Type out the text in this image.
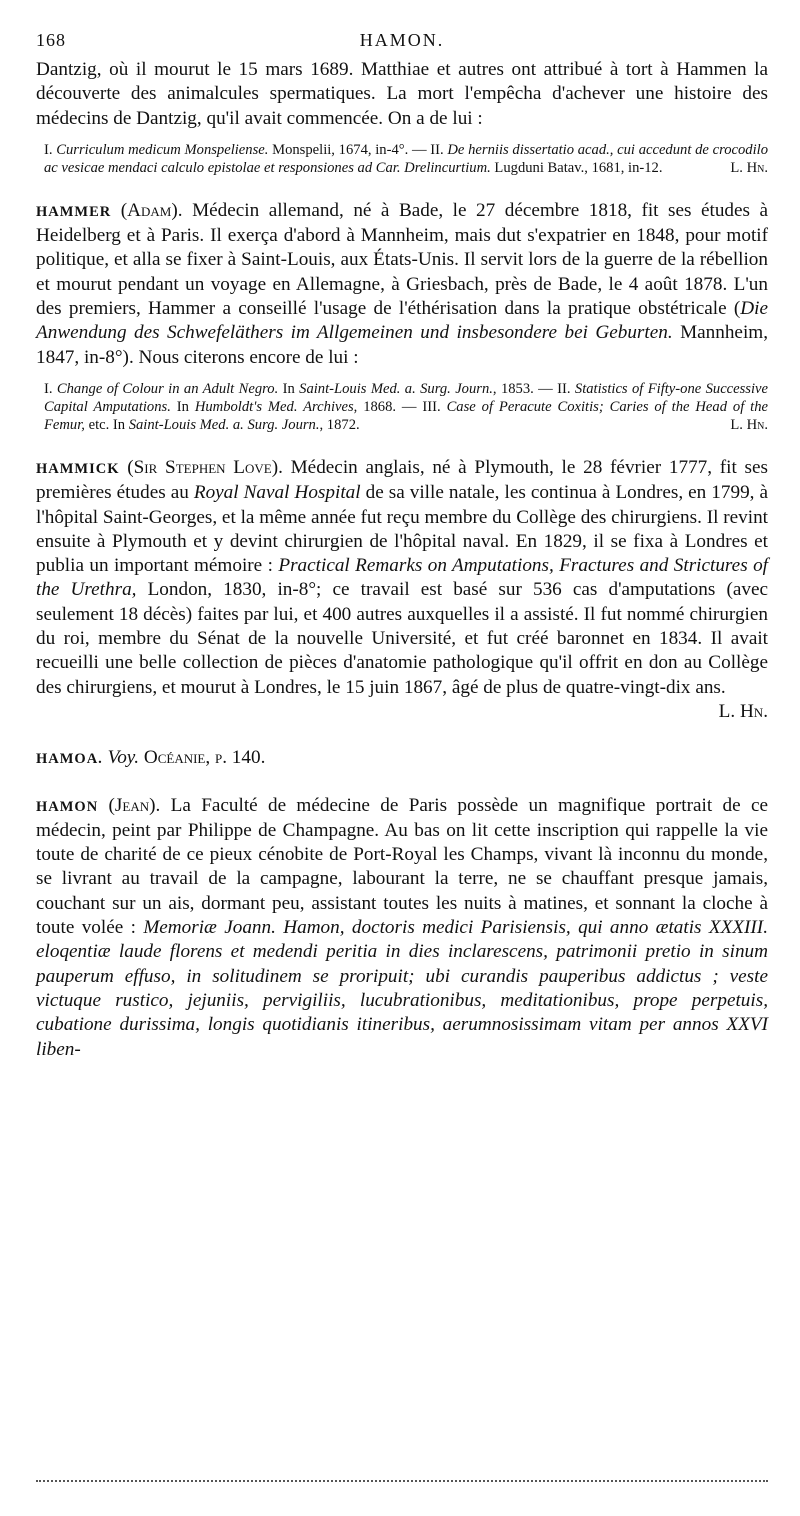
168	HAMON.

Dantzig, où il mourut le 15 mars 1689. Matthiae et autres ont attribué à tort à Hammen la découverte des animalcules spermatiques. La mort l'empêcha d'achever une histoire des médecins de Dantzig, qu'il avait commencée. On a de lui :

I. Curriculum medicum Monspeliense. Monspelii, 1674, in-4°. — II. De herniis dissertatio acad., cui accedunt de crocodilo ac vesicae mendaci calculo epistolae et responsiones ad Car. Drelincurtium. Lugduni Batav., 1681, in-12.	L. Hn.

HAMMER (Adam). Médecin allemand, né à Bade, le 27 décembre 1818, fit ses études à Heidelberg et à Paris. Il exerça d'abord à Mannheim, mais dut s'expatrier en 1848, pour motif politique, et alla se fixer à Saint-Louis, aux États-Unis. Il servit lors de la guerre de la rébellion et mourut pendant un voyage en Allemagne, à Griesbach, près de Bade, le 4 août 1878. L'un des premiers, Hammer a conseillé l'usage de l'éthérisation dans la pratique obstétricale (Die Anwendung des Schwefeläthers im Allgemeinen und insbesondere bei Geburten. Mannheim, 1847, in-8°). Nous citerons encore de lui :

I. Change of Colour in an Adult Negro. In Saint-Louis Med. a. Surg. Journ., 1853. — II. Statistics of Fifty-one Successive Capital Amputations. In Humboldt's Med. Archives, 1868. — III. Case of Peracute Coxitis; Caries of the Head of the Femur, etc. In Saint-Louis Med. a. Surg. Journ., 1872.	L. Hn.

HAMMICK (Sir Stephen Love). Médecin anglais, né à Plymouth, le 28 février 1777, fit ses premières études au Royal Naval Hospital de sa ville natale, les continua à Londres, en 1799, à l'hôpital Saint-Georges, et la même année fut reçu membre du Collège des chirurgiens. Il revint ensuite à Plymouth et y devint chirurgien de l'hôpital naval. En 1829, il se fixa à Londres et publia un important mémoire : Practical Remarks on Amputations, Fractures and Strictures of the Urethra, London, 1830, in-8°; ce travail est basé sur 536 cas d'amputations (avec seulement 18 décès) faites par lui, et 400 autres auxquelles il a assisté. Il fut nommé chirurgien du roi, membre du Sénat de la nouvelle Université, et fut créé baronnet en 1834. Il avait recueilli une belle collection de pièces d'anatomie pathologique qu'il offrit en don au Collège des chirurgiens, et mourut à Londres, le 15 juin 1867, âgé de plus de quatre-vingt-dix ans.

L. Hn.

HAMOA. Voy. Océanie, p. 140.

HAMON (Jean). La Faculté de médecine de Paris possède un magnifique portrait de ce médecin, peint par Philippe de Champagne. Au bas on lit cette inscription qui rappelle la vie toute de charité de ce pieux cénobite de Port-Royal les Champs, vivant là inconnu du monde, se livrant au travail de la campagne, labourant la terre, ne se chauffant presque jamais, couchant sur un ais, dormant peu, assistant toutes les nuits à matines, et sonnant la cloche à toute volée : Memoriæ Joann. Hamon, doctoris medici Parisiensis, qui anno ætatis XXXIII. eloqentiæ laude florens et medendi peritia in dies inclarescens, patrimonii pretio in sinum pauperum effuso, in solitudinem se proripuit; ubi curandis pauperibus addictus ; veste victuque rustico, jejuniis, pervigiliis, lucubrationibus, meditationibus, prope perpetuis, cubatione durissima, longis quotidianis itineribus, aerumnosissimam vitam per annos XXVI liben-
